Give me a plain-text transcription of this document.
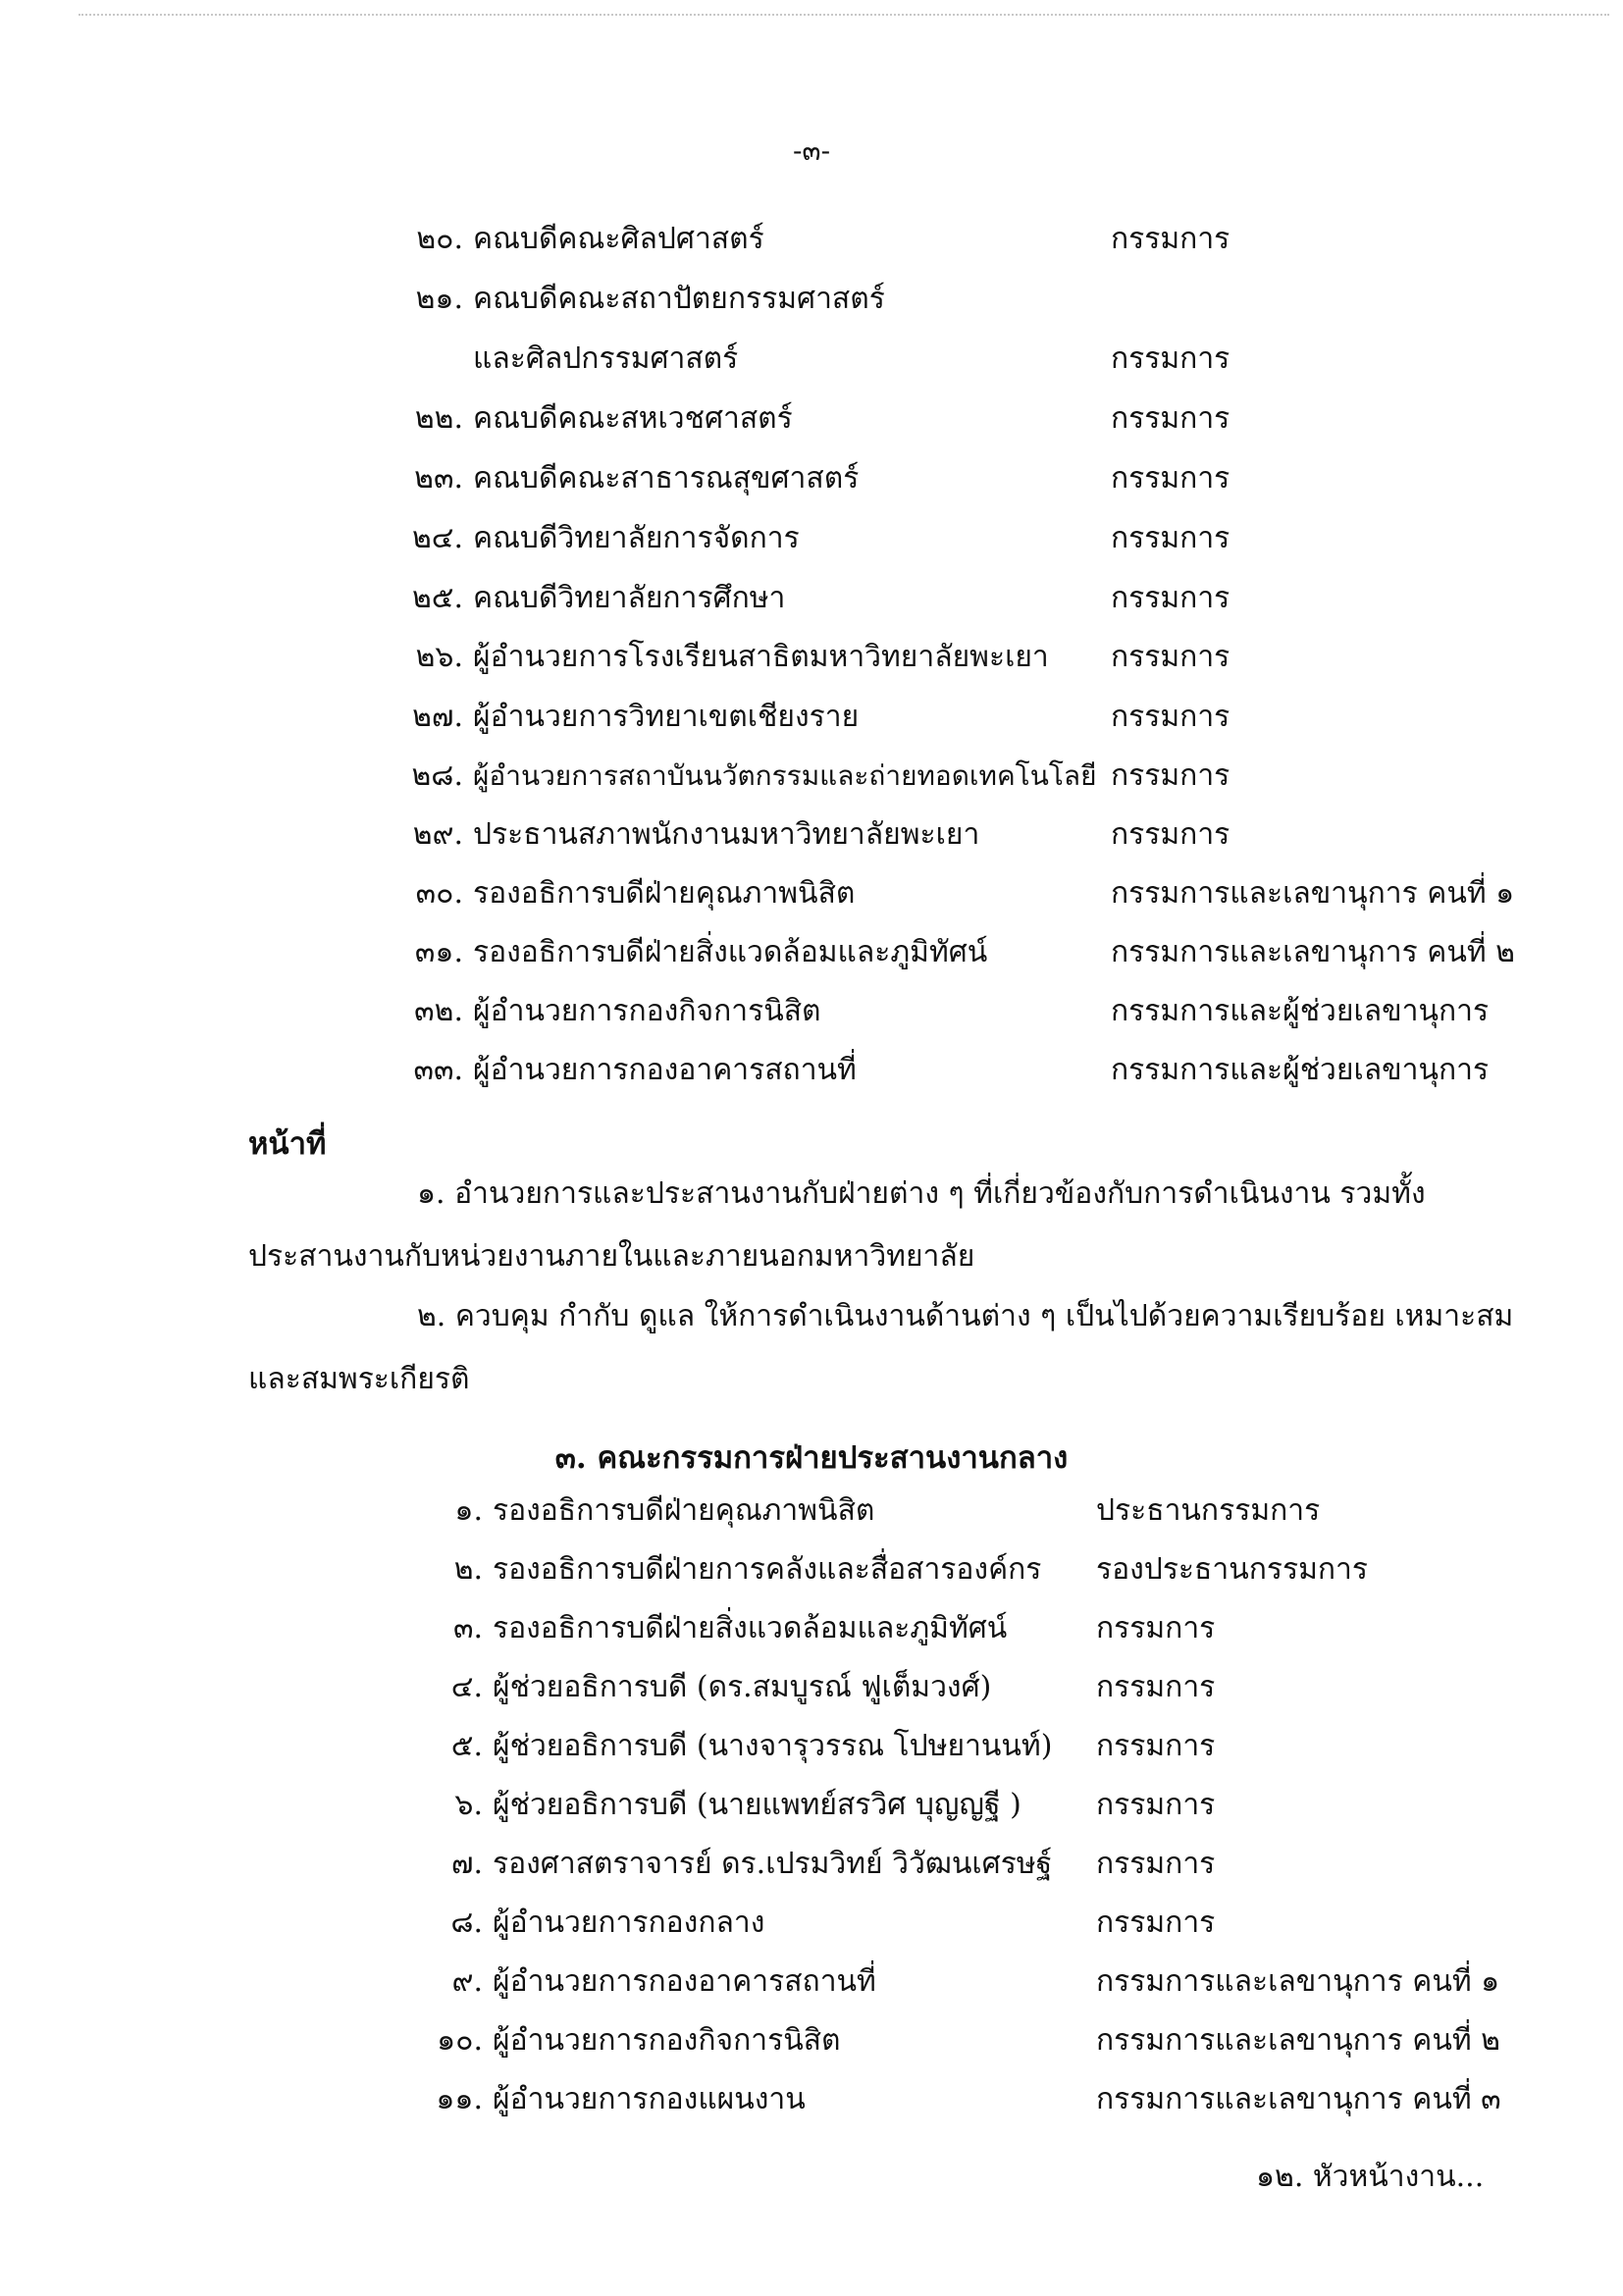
-๓-
๒๐. คณบดีคณะศิลปศาสตร์	กรรมการ
๒๑. คณบดีคณะสถาปัตยกรรมศาสตร์
และศิลปกรรมศาสตร์	กรรมการ
๒๒. คณบดีคณะสหเวชศาสตร์	กรรมการ
๒๓. คณบดีคณะสาธารณสุขศาสตร์	กรรมการ
๒๔. คณบดีวิทยาลัยการจัดการ	กรรมการ
๒๕. คณบดีวิทยาลัยการศึกษา	กรรมการ
๒๖. ผู้อำนวยการโรงเรียนสาธิตมหาวิทยาลัยพะเยา กรรมการ
๒๗. ผู้อำนวยการวิทยาเขตเชียงราย	กรรมการ
๒๘. ผู้อำนวยการสถาบันนวัตกรรมและถ่ายทอดเทคโนโลยี กรรมการ
๒๙. ประธานสภาพนักงานมหาวิทยาลัยพะเยา	กรรมการ
๓๐. รองอธิการบดีฝ่ายคุณภาพนิสิต	กรรมการและเลขานุการ คนที่ ๑
๓๑. รองอธิการบดีฝ่ายสิ่งแวดล้อมและภูมิทัศน์	กรรมการและเลขานุการ คนที่ ๒
๓๒. ผู้อำนวยการกองกิจการนิสิต	กรรมการและผู้ช่วยเลขานุการ
๓๓. ผู้อำนวยการกองอาคารสถานที่	กรรมการและผู้ช่วยเลขานุการ
หน้าที่
๑. อำนวยการและประสานงานกับฝ่ายต่าง ๆ ที่เกี่ยวข้องกับการดำเนินงาน รวมทั้ง
ประสานงานกับหน่วยงานภายในและภายนอกมหาวิทยาลัย
๒. ควบคุม กำกับ ดูแล ให้การดำเนินงานด้านต่าง ๆ เป็นไปด้วยความเรียบร้อย เหมาะสม
และสมพระเกียรติ
๓. คณะกรรมการฝ่ายประสานงานกลาง
๑. รองอธิการบดีฝ่ายคุณภาพนิสิต	ประธานกรรมการ
๒. รองอธิการบดีฝ่ายการคลังและสื่อสารองค์กร รองประธานกรรมการ
๓. รองอธิการบดีฝ่ายสิ่งแวดล้อมและภูมิทัศน์	กรรมการ
๔. ผู้ช่วยอธิการบดี (ดร.สมบูรณ์ ฟูเต็มวงศ์)	กรรมการ
๕. ผู้ช่วยอธิการบดี (นางจารุวรรณ โปษยานนท์) กรรมการ
๖. ผู้ช่วยอธิการบดี (นายแพทย์สรวิศ บุญญฐี )	กรรมการ
๗. รองศาสตราจารย์ ดร.เปรมวิทย์ วิวัฒนเศรษฐ์ กรรมการ
๘. ผู้อำนวยการกองกลาง	กรรมการ
๙. ผู้อำนวยการกองอาคารสถานที่	กรรมการและเลขานุการ คนที่ ๑
๑๐. ผู้อำนวยการกองกิจการนิสิต	กรรมการและเลขานุการ คนที่ ๒
๑๑. ผู้อำนวยการกองแผนงาน	กรรมการและเลขานุการ คนที่ ๓
๑๒. หัวหน้างาน...
